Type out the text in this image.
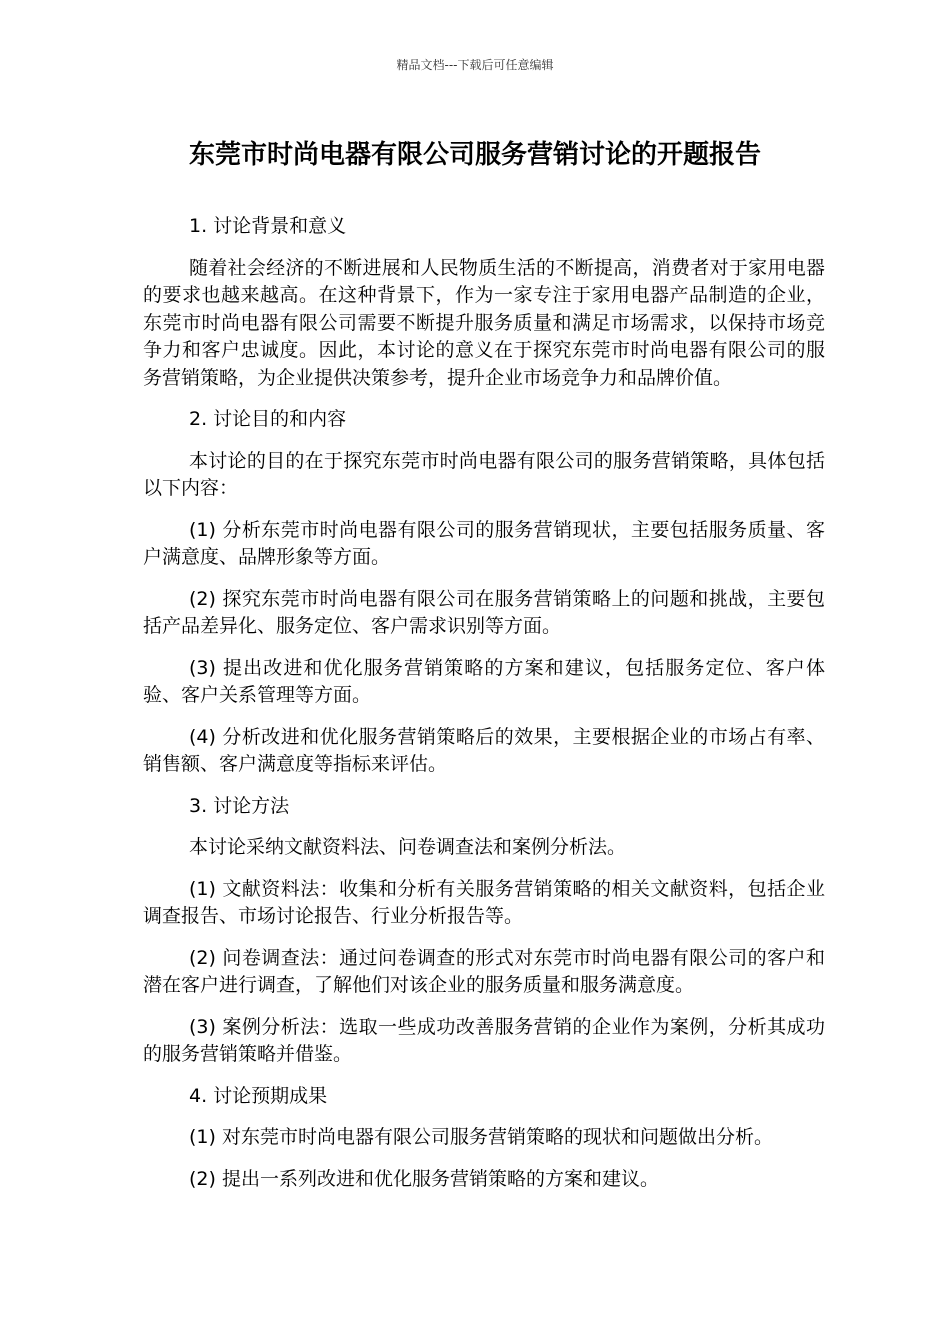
精品文档---下载后可任意编辑
东莞市时尚电器有限公司服务营销讨论的开题报告

1. 讨论背景和意义

随着社会经济的不断进展和人民物质生活的不断提高，消费者对于家用电器的要求也越来越高。在这种背景下，作为一家专注于家用电器产品制造的企业，东莞市时尚电器有限公司需要不断提升服务质量和满足市场需求，以保持市场竞争力和客户忠诚度。因此，本讨论的意义在于探究东莞市时尚电器有限公司的服务营销策略，为企业提供决策参考，提升企业市场竞争力和品牌价值。

2. 讨论目的和内容

本讨论的目的在于探究东莞市时尚电器有限公司的服务营销策略，具体包括以下内容：

(1) 分析东莞市时尚电器有限公司的服务营销现状，主要包括服务质量、客户满意度、品牌形象等方面。

(2) 探究东莞市时尚电器有限公司在服务营销策略上的问题和挑战，主要包括产品差异化、服务定位、客户需求识别等方面。

(3) 提出改进和优化服务营销策略的方案和建议，包括服务定位、客户体验、客户关系管理等方面。

(4) 分析改进和优化服务营销策略后的效果，主要根据企业的市场占有率、销售额、客户满意度等指标来评估。

3. 讨论方法

本讨论采纳文献资料法、问卷调查法和案例分析法。

(1) 文献资料法：收集和分析有关服务营销策略的相关文献资料，包括企业调查报告、市场讨论报告、行业分析报告等。

(2) 问卷调查法：通过问卷调查的形式对东莞市时尚电器有限公司的客户和潜在客户进行调查，了解他们对该企业的服务质量和服务满意度。

(3) 案例分析法：选取一些成功改善服务营销的企业作为案例，分析其成功的服务营销策略并借鉴。

4. 讨论预期成果

(1) 对东莞市时尚电器有限公司服务营销策略的现状和问题做出分析。

(2) 提出一系列改进和优化服务营销策略的方案和建议。
